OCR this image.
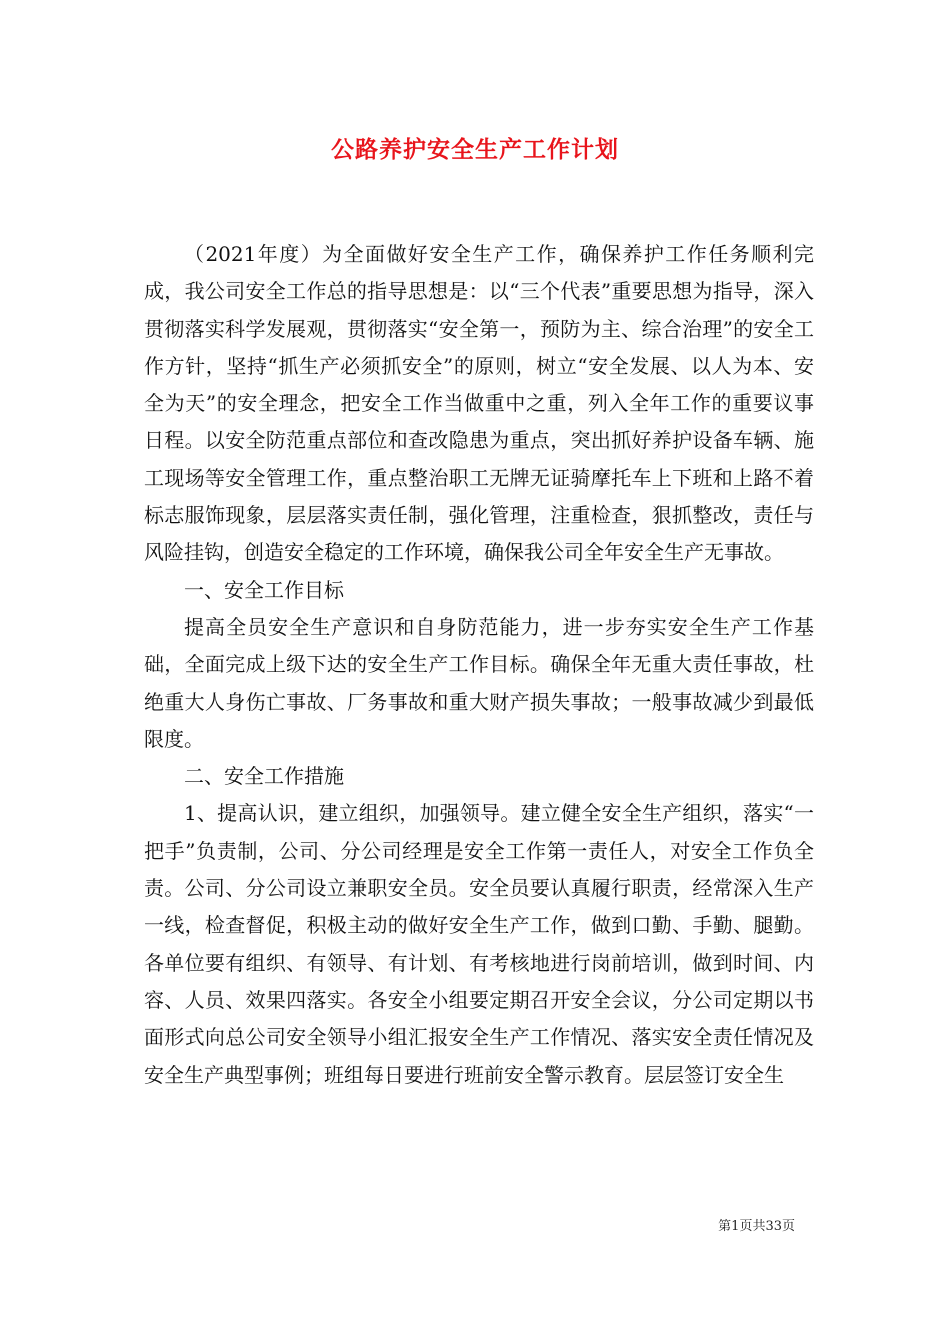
公路养护安全生产工作计划

（2021年度）为全面做好安全生产工作，确保养护工作任务顺利完成，我公司安全工作总的指导思想是：以“三个代表”重要思想为指导，深入贯彻落实科学发展观，贯彻落实“安全第一，预防为主、综合治理”的安全工作方针，坚持“抓生产必须抓安全”的原则，树立“安全发展、以人为本、安全为天”的安全理念，把安全工作当做重中之重，列入全年工作的重要议事日程。以安全防范重点部位和查改隐患为重点，突出抓好养护设备车辆、施工现场等安全管理工作，重点整治职工无牌无证骑摩托车上下班和上路不着标志服饰现象，层层落实责任制，强化管理，注重检查，狠抓整改，责任与风险挂钩，创造安全稳定的工作环境，确保我公司全年安全生产无事故。

一、安全工作目标

提高全员安全生产意识和自身防范能力，进一步夯实安全生产工作基础，全面完成上级下达的安全生产工作目标。确保全年无重大责任事故，杜绝重大人身伤亡事故、厂务事故和重大财产损失事故；一般事故减少到最低限度。

二、安全工作措施

1、提高认识，建立组织，加强领导。建立健全安全生产组织，落实“一把手”负责制，公司、分公司经理是安全工作第一责任人，对安全工作负全责。公司、分公司设立兼职安全员。安全员要认真履行职责，经常深入生产一线，检查督促，积极主动的做好安全生产工作，做到口勤、手勤、腿勤。各单位要有组织、有领导、有计划、有考核地进行岗前培训，做到时间、内容、人员、效果四落实。各安全小组要定期召开安全会议，分公司定期以书面形式向总公司安全领导小组汇报安全生产工作情况、落实安全责任情况及安全生产典型事例；班组每日要进行班前安全警示教育。层层签订安全生

第1页共33页
